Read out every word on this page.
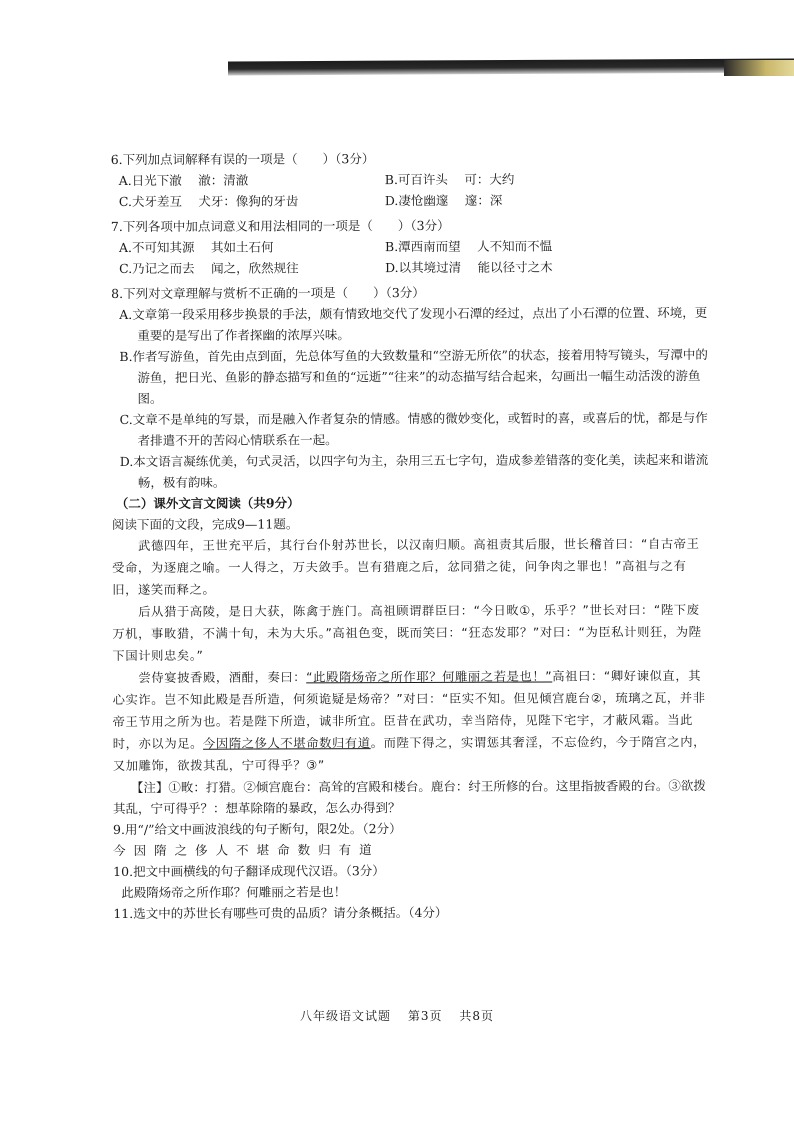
6.下列加点词解释有误的一项是（　　）（3分）
A.日光下澈　 澈：清澈	B.可百许头　 可：大约
C.犬牙差互　 犬牙：像狗的牙齿	D.凄怆幽邃　 邃：深
7.下列各项中加点词意义和用法相同的一项是（　　）（3分）
A.不可知其源　 其如土石何	B.潭西南而望　 人不知而不愠
C.乃记之而去　 闻之，欣然规往	D.以其境过清　 能以径寸之木
8.下列对文章理解与赏析不正确的一项是（　　）（3分）
A.文章第一段采用移步换景的手法，颇有情致地交代了发现小石潭的经过，点出了小石潭的位置、环境，更重要的是写出了作者探幽的浓厚兴味。
B.作者写游鱼，首先由点到面，先总体写鱼的大致数量和“空游无所依”的状态，接着用特写镜头，写潭中的游鱼，把日光、鱼影的静态描写和鱼的“远逝”“往来”的动态描写结合起来，勾画出一幅生动活泼的游鱼图。
C.文章不是单纯的写景，而是融入作者复杂的情感。情感的微妙变化，或暂时的喜，或喜后的忧，都是与作者排遣不开的苦闷心情联系在一起。
D.本文语言凝练优美，句式灵活，以四字句为主，杂用三五七字句，造成参差错落的变化美，读起来和谐流畅，极有韵味。
（二）课外文言文阅读（共9分）
阅读下面的文段，完成9—11题。

武德四年，王世充平后，其行台仆射苏世长，以汉南归顺。高祖责其后服，世长稽首曰：“自古帝王受命，为逐鹿之喻。一人得之，万夫敛手。岂有猎鹿之后，忿同猎之徒，问争肉之罪也！”高祖与之有旧，遂笑而释之。

后从猎于高陵，是日大获，陈禽于旌门。高祖顾谓群臣曰：“今日畋①，乐乎？”世长对曰：“陛下废万机，事畋猎，不满十旬，未为大乐。”高祖色变，既而笑曰：“狂态发耶？”对曰：“为臣私计则狂，为陛下国计则忠矣。”

尝侍宴披香殿，酒酣，奏曰：“此殿隋炀帝之所作耶？何雕丽之若是也！”高祖曰：“卿好谏似直，其心实诈。岂不知此殿是吾所造，何须诡疑是炀帝？”对曰：“臣实不知。但见倾宫鹿台②，琉璃之瓦，并非帝王节用之所为也。若是陛下所造，诚非所宜。臣昔在武功，幸当陪侍，见陛下宅宇，才蔽风霜。当此时，亦以为足。今因隋之侈人不堪命数归有道。而陛下得之，实谓惩其奢淫，不忘俭约，今于隋宫之内，又加雕饰，欲拨其乱，宁可得乎？③”

【注】①畋：打猎。②倾宫鹿台：高耸的宫殿和楼台。鹿台：纣王所修的台。这里指披香殿的台。③欲拨其乱，宁可得乎？：想革除隋的暴政，怎么办得到？
9.用“/”给文中画波浪线的句子断句，限2处。（2分）
今因隋之侈人不堪命数归有道
10.把文中画横线的句子翻译成现代汉语。（3分）
此殿隋炀帝之所作耶？何雕丽之若是也！
11.选文中的苏世长有哪些可贵的品质？请分条概括。（4分）
八年级语文试题 第3页 共8页
